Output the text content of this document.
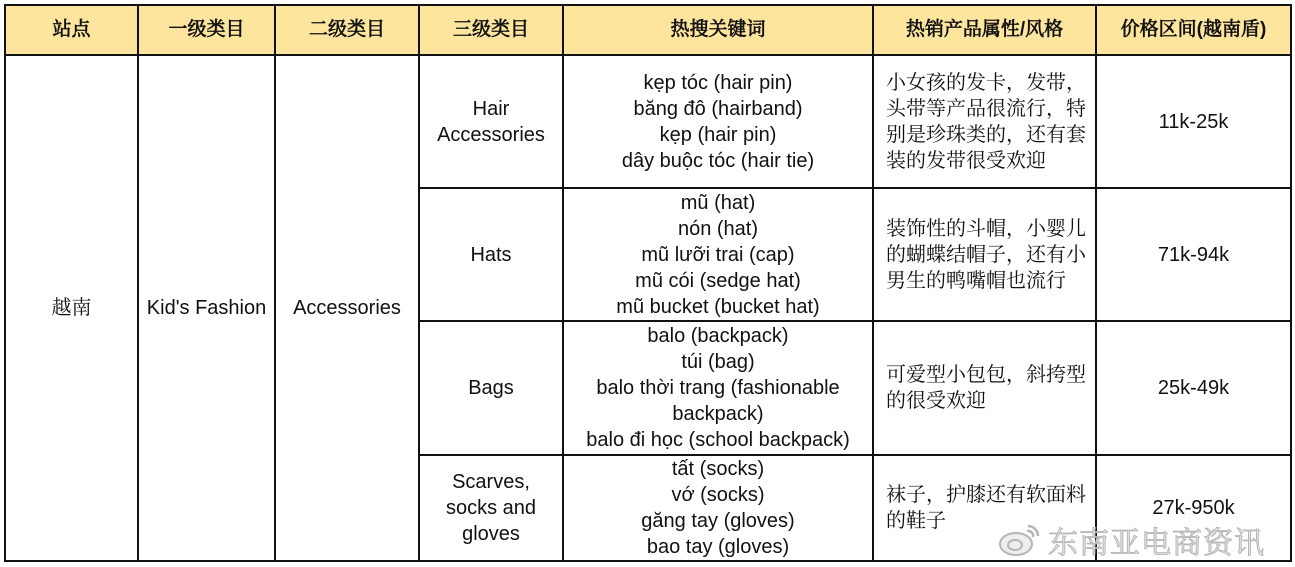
站点	一级类目	二级类目	三级类目	热搜关键词	热销产品属性/风格	价格区间(越南盾)
越南	Kid's Fashion	Accessories	Hair
Accessories	kẹp tóc (hair pin)
băng đô (hairband)
kẹp (hair pin)
dây buộc tóc (hair tie)	小女孩的发卡，发带，头带等产品很流行，特别是珍珠类的，还有套装的发带很受欢迎	11k-25k

			Hats	mũ (hat)
nón (hat)
mũ lưỡi trai (cap)
mũ cói (sedge hat)
mũ bucket (bucket hat)	装饰性的斗帽，小婴儿的蝴蝶结帽子，还有小男生的鸭嘴帽也流行	71k-94k

			Bags	balo (backpack)
túi (bag)
balo thời trang (fashionable
backpack)
balo đi học (school backpack)	可爱型小包包，斜挎型的很受欢迎	25k-49k

			Scarves,
socks and
gloves	tất (socks)
vớ (socks)
găng tay (gloves)
bao tay (gloves)	袜子，护膝还有软面料的鞋子	27k-950k
东南亚电商资讯
